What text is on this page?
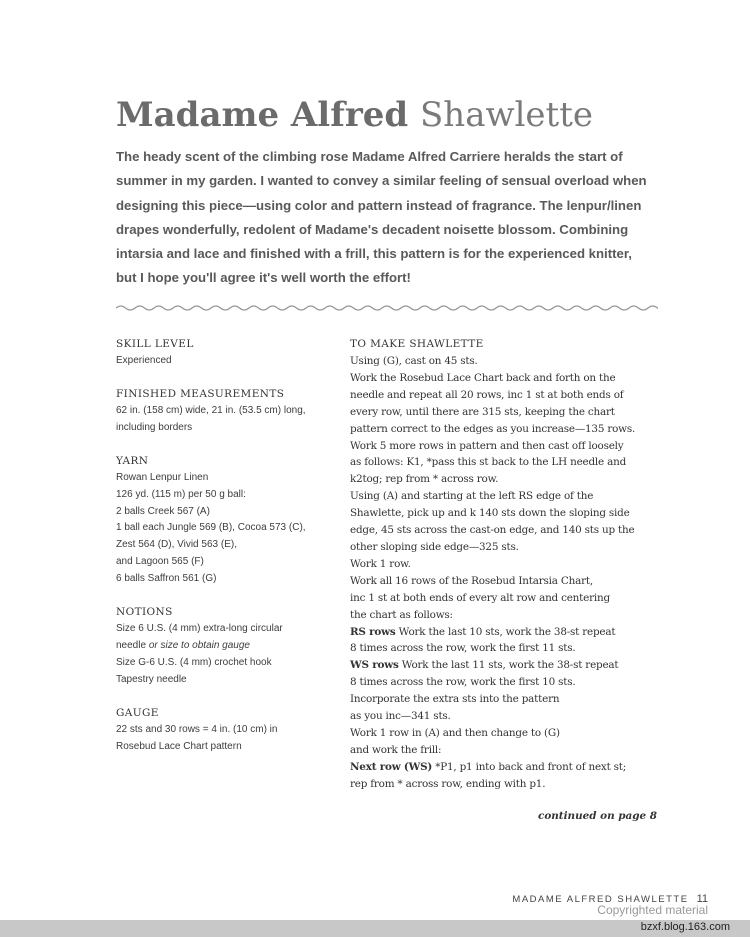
Madame Alfred Shawlette
The heady scent of the climbing rose Madame Alfred Carriere heralds the start of
summer in my garden. I wanted to convey a similar feeling of sensual overload when
designing this piece—using color and pattern instead of fragrance. The lenpur/linen
drapes wonderfully, redolent of Madame's decadent noisette blossom. Combining
intarsia and lace and finished with a frill, this pattern is for the experienced knitter,
but I hope you'll agree it's well worth the effort!
SKILL LEVEL
Experienced
FINISHED MEASUREMENTS
62 in. (158 cm) wide, 21 in. (53.5 cm) long,
including borders
YARN
Rowan Lenpur Linen
126 yd. (115 m) per 50 g ball:
2 balls Creek 567 (A)
1 ball each Jungle 569 (B), Cocoa 573 (C),
Zest 564 (D), Vivid 563 (E),
and Lagoon 565 (F)
6 balls Saffron 561 (G)
NOTIONS
Size 6 U.S. (4 mm) extra-long circular
needle or size to obtain gauge
Size G-6 U.S. (4 mm) crochet hook
Tapestry needle
GAUGE
22 sts and 30 rows = 4 in. (10 cm) in
Rosebud Lace Chart pattern
TO MAKE SHAWLETTE
Using (G), cast on 45 sts.
Work the Rosebud Lace Chart back and forth on the
needle and repeat all 20 rows, inc 1 st at both ends of
every row, until there are 315 sts, keeping the chart
pattern correct to the edges as you increase—135 rows.
Work 5 more rows in pattern and then cast off loosely
as follows: K1, *pass this st back to the LH needle and
k2tog; rep from * across row.
Using (A) and starting at the left RS edge of the
Shawlette, pick up and k 140 sts down the sloping side
edge, 45 sts across the cast-on edge, and 140 sts up the
other sloping side edge—325 sts.
Work 1 row.
Work all 16 rows of the Rosebud Intarsia Chart,
inc 1 st at both ends of every alt row and centering
the chart as follows:
RS rows Work the last 10 sts, work the 38-st repeat
8 times across the row, work the first 11 sts.
WS rows Work the last 11 sts, work the 38-st repeat
8 times across the row, work the first 10 sts.
Incorporate the extra sts into the pattern
as you inc—341 sts.
Work 1 row in (A) and then change to (G)
and work the frill:
Next row (WS) *P1, p1 into back and front of next st;
rep from * across row, ending with p1.
continued on page 8
MADAME ALFRED SHAWLETTE 11
Copyrighted material
bzxf.blog.163.com
